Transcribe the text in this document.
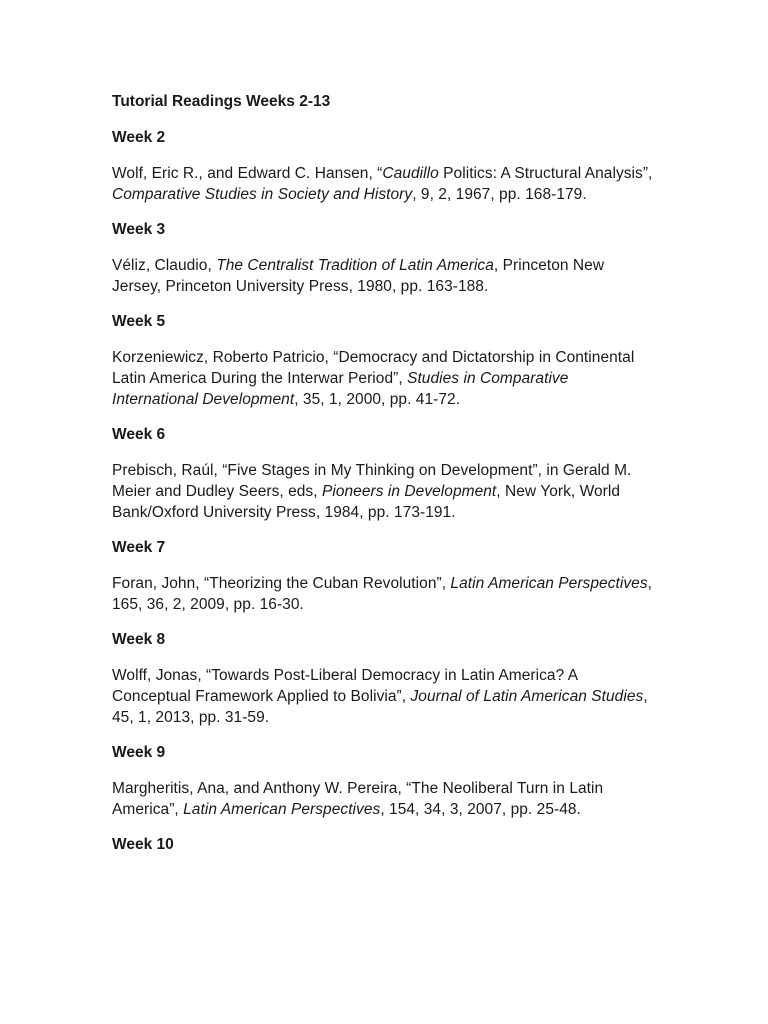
Tutorial Readings Weeks 2-13
Week 2

Wolf, Eric R., and Edward C. Hansen, “Caudillo Politics: A Structural Analysis”, Comparative Studies in Society and History, 9, 2, 1967, pp. 168-179.

Week 3

Véliz, Claudio, The Centralist Tradition of Latin America, Princeton New Jersey, Princeton University Press, 1980, pp. 163-188.

Week 5

Korzeniewicz, Roberto Patricio, “Democracy and Dictatorship in Continental Latin America During the Interwar Period”, Studies in Comparative International Development, 35, 1, 2000, pp. 41-72.

Week 6

Prebisch, Raúl, “Five Stages in My Thinking on Development”, in Gerald M. Meier and Dudley Seers, eds, Pioneers in Development, New York, World Bank/Oxford University Press, 1984, pp. 173-191.

Week 7

Foran, John, “Theorizing the Cuban Revolution”, Latin American Perspectives, 165, 36, 2, 2009, pp. 16-30.

Week 8

Wolff, Jonas, “Towards Post-Liberal Democracy in Latin America? A Conceptual Framework Applied to Bolivia”, Journal of Latin American Studies, 45, 1, 2013, pp. 31-59.

Week 9

Margheritis, Ana, and Anthony W. Pereira, “The Neoliberal Turn in Latin America”, Latin American Perspectives, 154, 34, 3, 2007, pp. 25-48.

Week 10
